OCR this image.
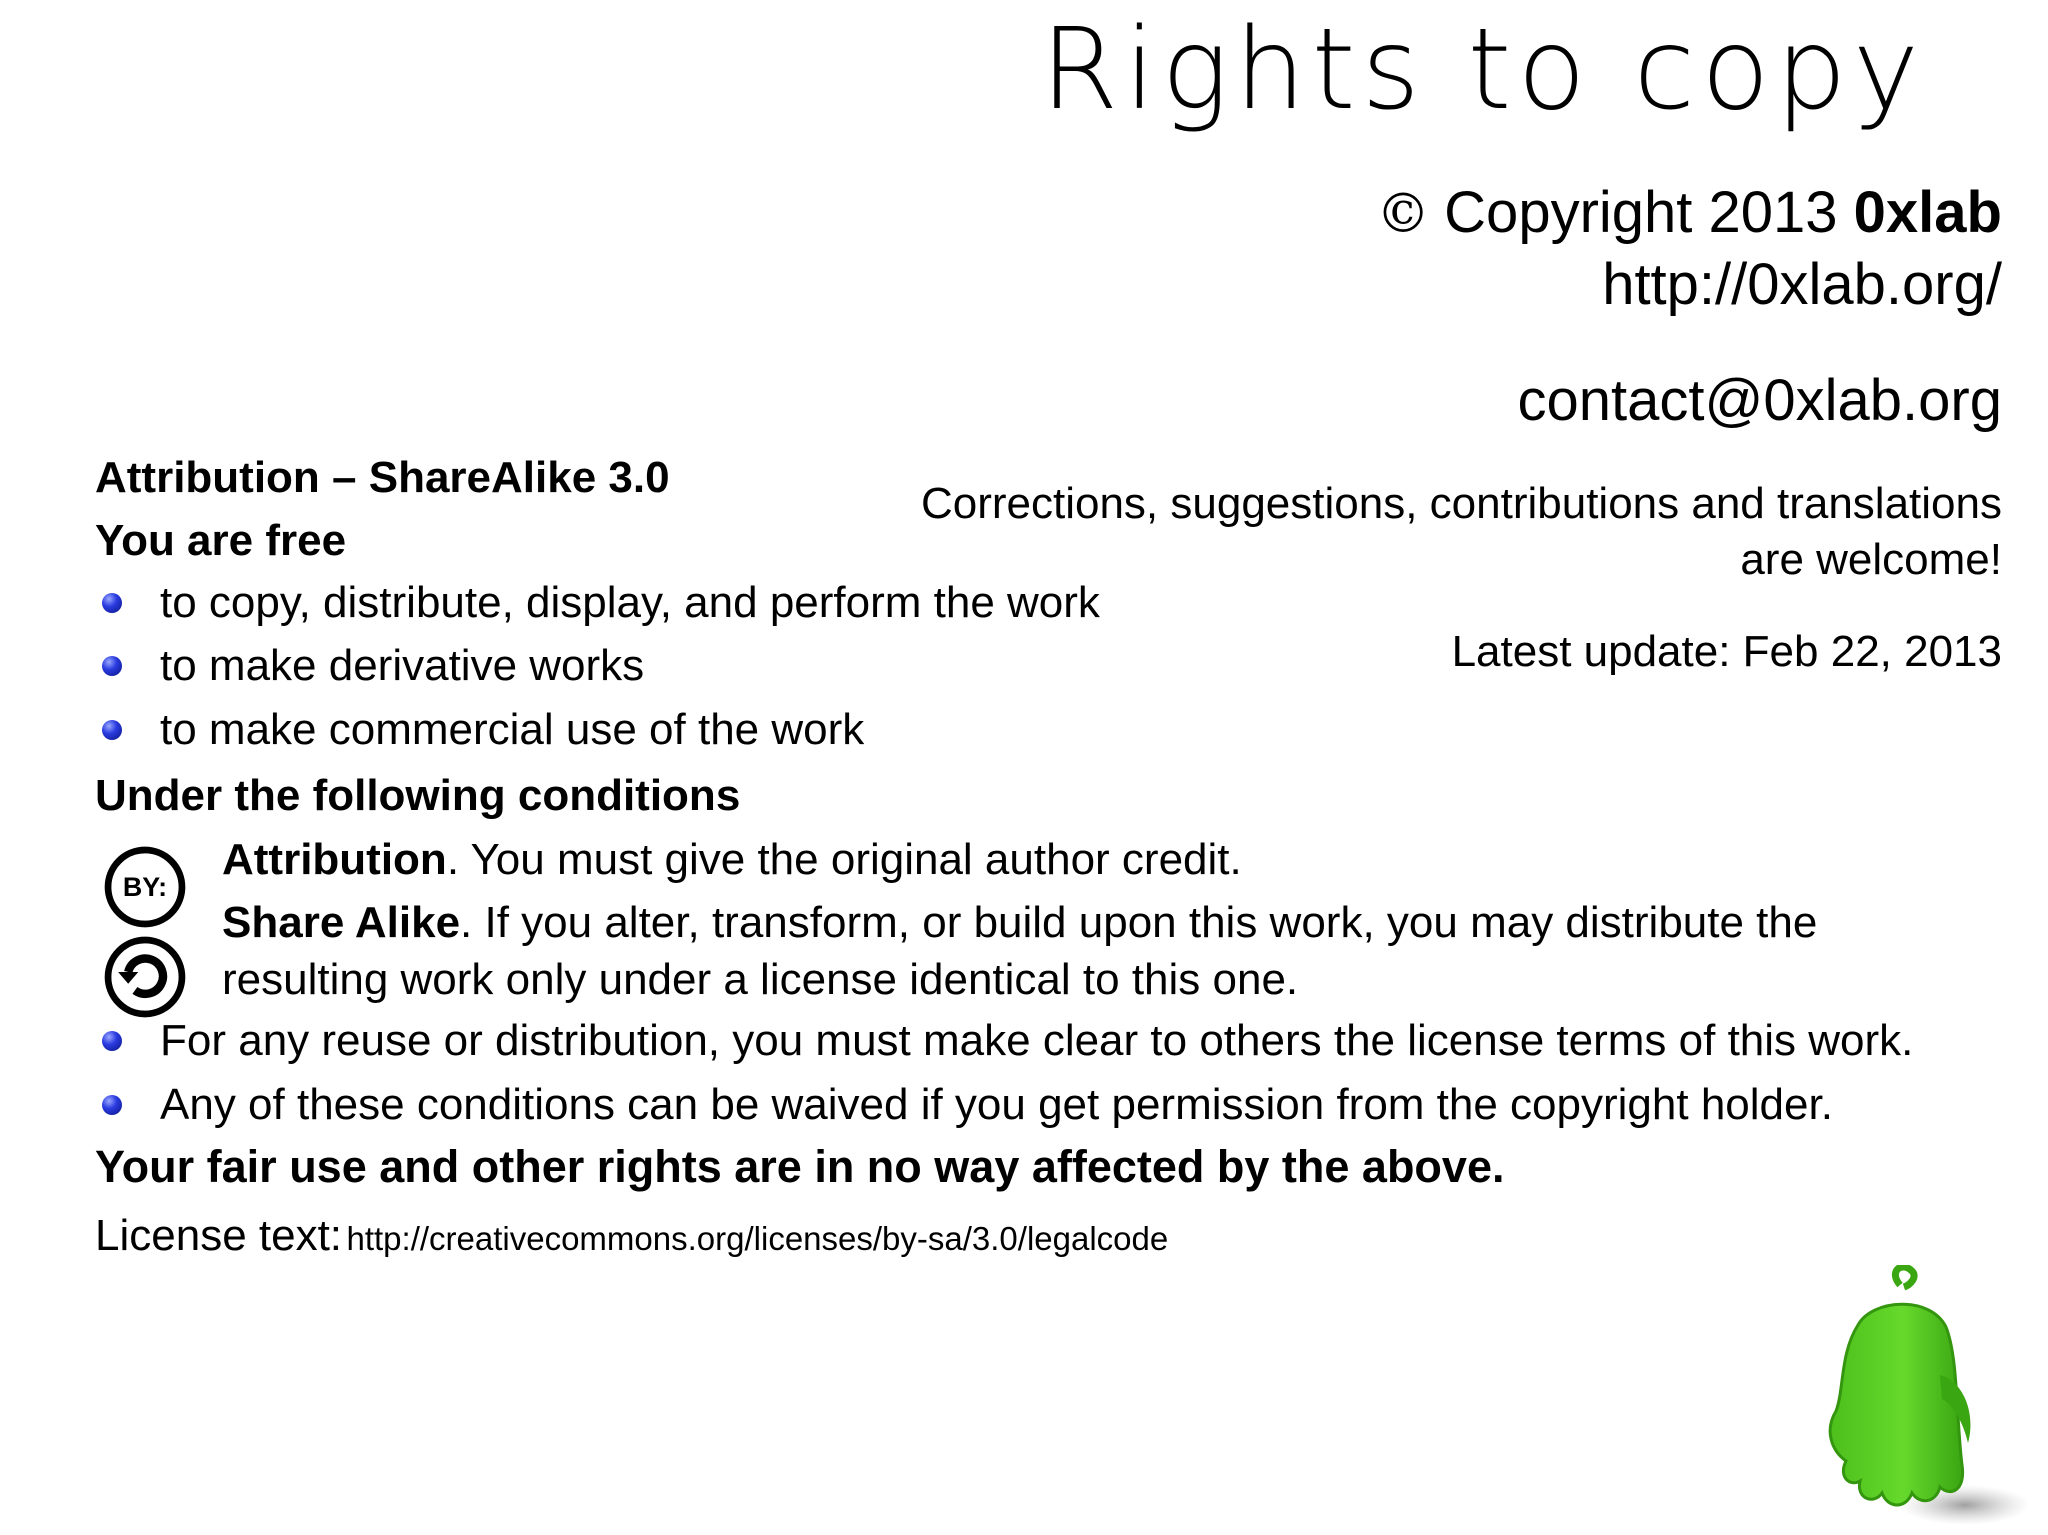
Rights to copy
© Copyright 2013 0xlab
http://0xlab.org/
contact@0xlab.org
Corrections, suggestions, contributions and translations
are welcome!
Latest update: Feb 22, 2013
Attribution – ShareAlike 3.0
You are free
to copy, distribute, display, and perform the work
to make derivative works
to make commercial use of the work
Under the following conditions
BY:
Attribution. You must give the original author credit.
Share Alike. If you alter, transform, or build upon this work, you may distribute the
resulting work only under a license identical to this one.
For any reuse or distribution, you must make clear to others the license terms of this work.
Any of these conditions can be waived if you get permission from the copyright holder.
Your fair use and other rights are in no way affected by the above.
License text: http://creativecommons.org/licenses/by-sa/3.0/legalcode
